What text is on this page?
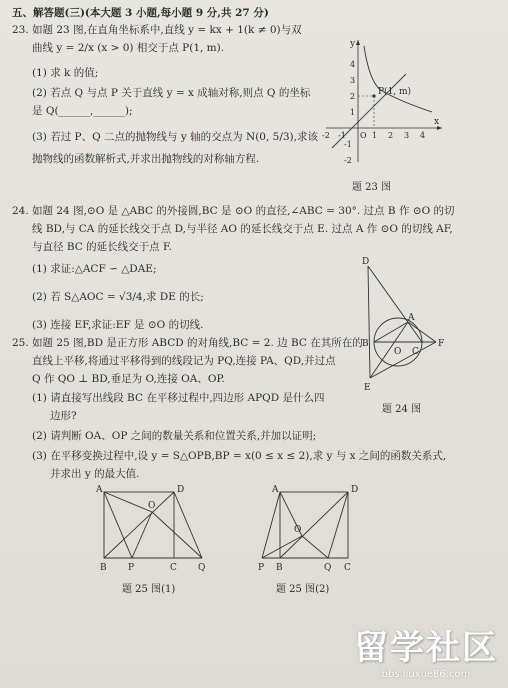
五、解答题(三)(本大题 3 小题,每小题 9 分,共 27 分)
23. 如题 23 图,在直角坐标系中,直线 y = kx + 1(k ≠ 0)与双
曲线 y = 2/x (x > 0) 相交于点 P(1, m).
(1) 求 k 的值;
(2) 若点 Q 与点 P 关于直线 y = x 成轴对称,则点 Q 的坐标
是 Q(______,______);
(3) 若过 P、Q 二点的抛物线与 y 轴的交点为 N(0, 5/3),求该
抛物线的函数解析式,并求出抛物线的对称轴方程.
x
y
P(1, m)
O
-2 -1	1 2 3 4
4
3
2
1
-1
-2
题 23 图
24. 如题 24 图,⊙O 是 △ABC 的外接圆,BC 是 ⊙O 的直径,∠ABC = 30°. 过点 B 作 ⊙O 的切
线 BD,与 CA 的延长线交于点 D,与半径 AO 的延长线交于点 E. 过点 A 作 ⊙O 的切线 AF,
与直径 BC 的延长线交于点 F.
(1) 求证:△ACF ∽ △DAE;
(2) 若 S△AOC = √3/4,求 DE 的长;
(3) 连接 EF,求证:EF 是 ⊙O 的切线.
D
A
B
O C
F
E
题 24 图
25. 如题 25 图,BD 是正方形 ABCD 的对角线,BC = 2. 边 BC 在其所在的
直线上平移,将通过平移得到的线段记为 PQ,连接 PA、QD,并过点
Q 作 QO ⊥ BD,垂足为 O,连接 OA、OP.
(1) 请直接写出线段 BC 在平移过程中,四边形 APQD 是什么四
边形?
(2) 请判断 OA、OP 之间的数量关系和位置关系,并加以证明;
(3) 在平移变换过程中,设 y = S△OPB,BP = x(0 ≤ x ≤ 2),求 y 与 x 之间的函数关系式,
并求出 y 的最大值.
A	D
O
B P	C Q
题 25 图(1)
A	D
O
P B	Q C
题 25 图(2)
留学社区
bbs.liuxue86.com
